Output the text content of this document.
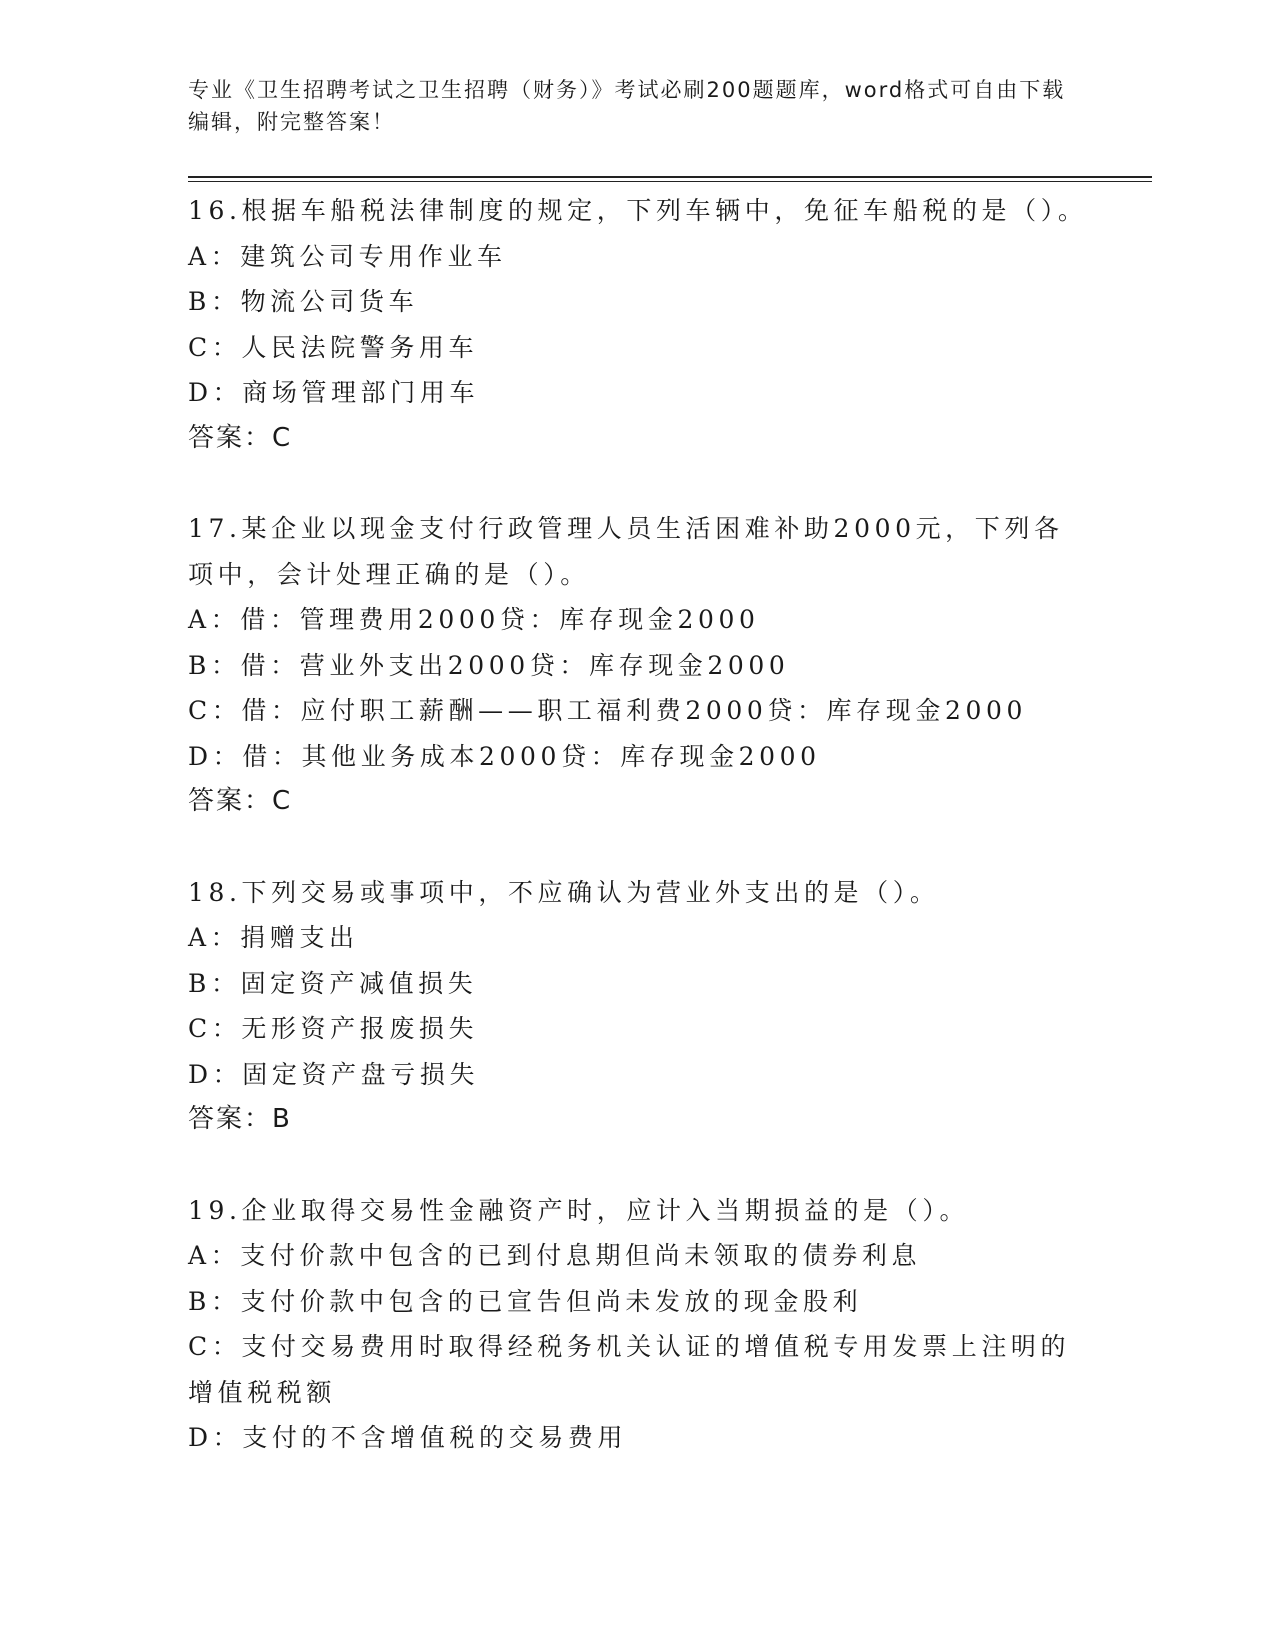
专业《卫生招聘考试之卫生招聘（财务）》考试必刷200题题库，word格式可自由下载编辑，附完整答案！

16.根据车船税法律制度的规定，下列车辆中，免征车船税的是（）。

A：建筑公司专用作业车

B：物流公司货车

C：人民法院警务用车

D：商场管理部门用车

答案：C

17.某企业以现金支付行政管理人员生活困难补助2000元，下列各项中，会计处理正确的是（）。

A：借：管理费用2000贷：库存现金2000

B：借：营业外支出2000贷：库存现金2000

C：借：应付职工薪酬——职工福利费2000贷：库存现金2000

D：借：其他业务成本2000贷：库存现金2000

答案：C

18.下列交易或事项中，不应确认为营业外支出的是（）。

A：捐赠支出

B：固定资产减值损失

C：无形资产报废损失

D：固定资产盘亏损失

答案：B

19.企业取得交易性金融资产时，应计入当期损益的是（）。

A：支付价款中包含的已到付息期但尚未领取的债券利息

B：支付价款中包含的已宣告但尚未发放的现金股利

C：支付交易费用时取得经税务机关认证的增值税专用发票上注明的增值税税额

D：支付的不含增值税的交易费用
